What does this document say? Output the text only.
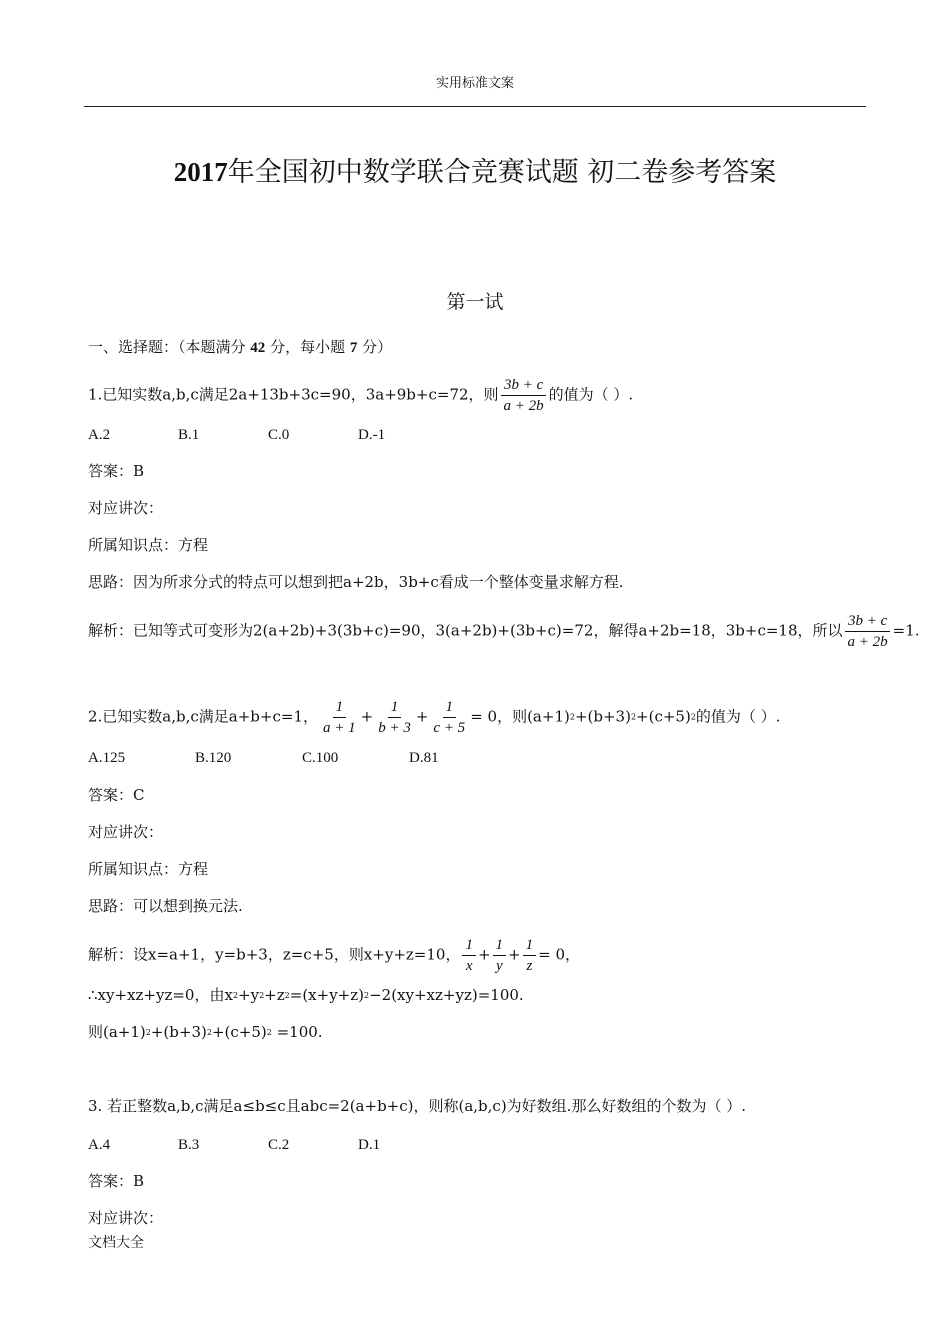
实用标准文案
2017年全国初中数学联合竞赛试题 初二卷参考答案
第一试
一、选择题：（本题满分 42 分，每小题 7 分）
1.已知实数a,b,c满足2a+13b+3c=90，3a+9b+c=72，则 $\frac{3b + c}{a + 2b}$ 的值为（ ）.
A.2	B.1	C.0	D.-1
答案：B
对应讲次：
所属知识点：方程
思路：因为所求分式的特点可以想到把a+2b，3b+c看成一个整体变量求解方程.
解析：已知等式可变形为2(a+2b)+3(3b+c)=90，3(a+2b)+(3b+c)=72，解得a+2b=18，3b+c=18，所以 $\frac{3b + c}{a + 2b} =1$.
2.已知实数a,b,c满足a+b+c=1， $\frac{1}{a + 1} + \frac{1}{b + 3} + \frac{1}{c + 5} = 0$，则(a+1)2+(b+3)2+(c+5)2的值为（ ）.
A.125	B.120	C.100	D.81
答案：C
对应讲次：
所属知识点：方程
思路：可以想到换元法.
解析：设x=a+1，y=b+3，z=c+5，则x+y+z=10， $\frac{1}{x} + \frac{1}{y} + \frac{1}{z} = 0$，
∴xy+xz+yz=0，由x2+y2+z2=(x+y+z)2−2(xy+xz+yz)=100.
则(a+1)2+(b+3)2+(c+5)2 =100.
3. 若正整数a,b,c满足a≤b≤c且abc=2(a+b+c)，则称(a,b,c)为好数组.那么好数组的个数为（ ）.
A.4	B.3	C.2	D.1
答案：B
对应讲次：
文档大全
